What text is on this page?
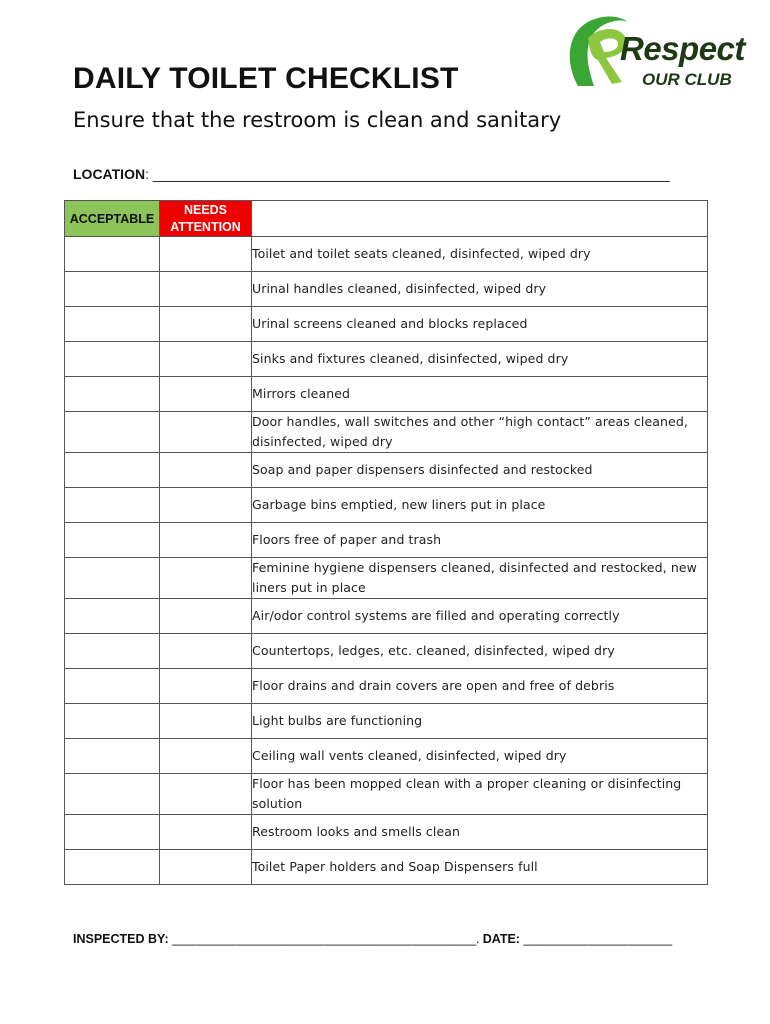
Respect
OUR CLUB
DAILY TOILET CHECKLIST
Ensure that the restroom is clean and sanitary
LOCATION: _____________________________________________________________________
ACCEPTABLE	NEEDS
ATTENTION	
		Toilet and toilet seats cleaned, disinfected, wiped dry
		Urinal handles cleaned, disinfected, wiped dry
		Urinal screens cleaned and blocks replaced
		Sinks and fixtures cleaned, disinfected, wiped dry
		Mirrors cleaned
		Door handles, wall switches and other “high contact” areas cleaned, disinfected, wiped dry
		Soap and paper dispensers disinfected and restocked
		Garbage bins emptied, new liners put in place
		Floors free of paper and trash
		Feminine hygiene dispensers cleaned, disinfected and restocked, new liners put in place
		Air/odor control systems are filled and operating correctly
		Countertops, ledges, etc. cleaned, disinfected, wiped dry
		Floor drains and drain covers are open and free of debris
		Light bulbs are functioning
		Ceiling wall vents cleaned, disinfected, wiped dry
		Floor has been mopped clean with a proper cleaning or disinfecting solution
		Restroom looks and smells clean
		Toilet Paper holders and Soap Dispensers full
INSPECTED BY: _____________________________________________. DATE: ______________________
